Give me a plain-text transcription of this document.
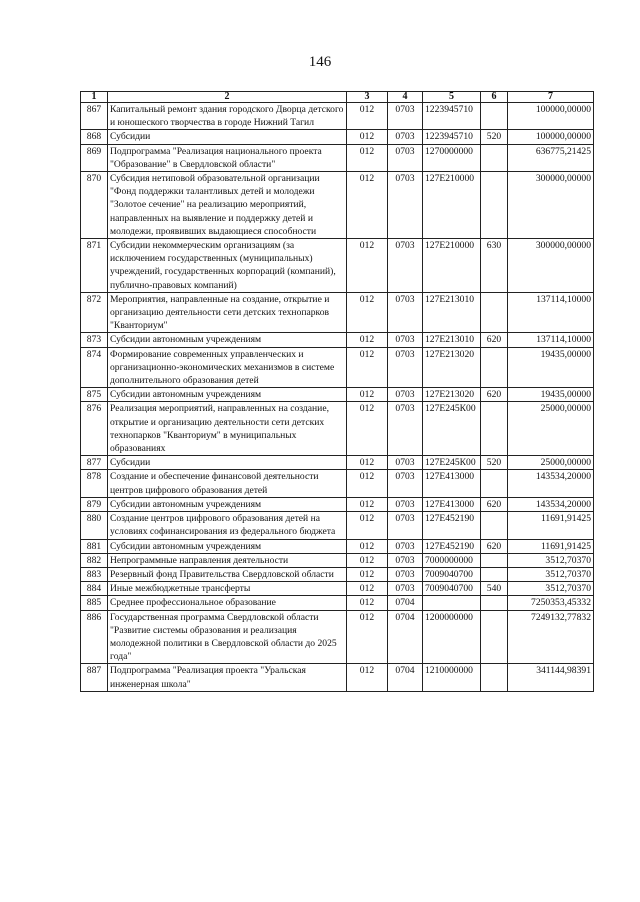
146
1	2	3	4	5	6	7
867	Капитальный ремонт здания городского Дворца детского и юношеского творчества в городе Нижний Тагил	012	0703	1223945710		100000,00000
868	Субсидии	012	0703	1223945710	520	100000,00000
869	Подпрограмма "Реализация национального проекта "Образование" в Свердловской области"	012	0703	1270000000		636775,21425
870	Субсидия нетиповой образовательной организации "Фонд поддержки талантливых детей и молодежи "Золотое сечение" на реализацию мероприятий, направленных на выявление и поддержку детей и молодежи, проявивших выдающиеся способности	012	0703	127Е210000		300000,00000
871	Субсидии некоммерческим организациям (за исключением государственных (муниципальных) учреждений, государственных корпораций (компаний), публично-правовых компаний)	012	0703	127Е210000	630	300000,00000
872	Мероприятия, направленные на создание, открытие и организацию деятельности сети детских технопарков "Кванториум"	012	0703	127Е213010		137114,10000
873	Субсидии автономным учреждениям	012	0703	127Е213010	620	137114,10000
874	Формирование современных управленческих и организационно-экономических механизмов в системе дополнительного образования детей	012	0703	127Е213020		19435,00000
875	Субсидии автономным учреждениям	012	0703	127Е213020	620	19435,00000
876	Реализация мероприятий, направленных на создание, открытие и организацию деятельности сети детских технопарков "Кванториум" в муниципальных образованиях	012	0703	127Е245К00		25000,00000
877	Субсидии	012	0703	127Е245К00	520	25000,00000
878	Создание и обеспечение финансовой деятельности центров цифрового образования детей	012	0703	127Е413000		143534,20000
879	Субсидии автономным учреждениям	012	0703	127Е413000	620	143534,20000
880	Создание центров цифрового образования детей на условиях софинансирования из федерального бюджета	012	0703	127Е452190		11691,91425
881	Субсидии автономным учреждениям	012	0703	127Е452190	620	11691,91425
882	Непрограммные направления деятельности	012	0703	7000000000		3512,70370
883	Резервный фонд Правительства Свердловской области	012	0703	7009040700		3512,70370
884	Иные межбюджетные трансферты	012	0703	7009040700	540	3512,70370
885	Среднее профессиональное образование	012	0704			7250353,45332
886	Государственная программа Свердловской области "Развитие системы образования и реализация молодежной политики в Свердловской области до 2025 года"	012	0704	1200000000		7249132,77832
887	Подпрограмма "Реализация проекта "Уральская инженерная школа"	012	0704	1210000000		341144,98391
